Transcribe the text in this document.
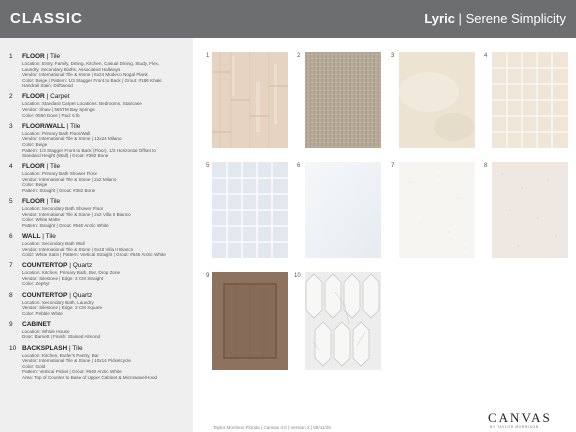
CLASSIC	Lyric | Serene Simplicity
1 FLOOR | Tile
Location: Entry, Family, Dining, Kitchen, Casual Dining, Study, Flex,
Laundry, Secondary Baths, Associated Hallways
Vendor: International Tile & Stone | 6x24 Modeco Nogal Plank
Color: Beige | Pattern: 1/3 Stagger Front to Back | Grout: #186 Khaki
Handrail Stain: Driftwood
2 FLOOR | Carpet
Location: Standard Carpet Locations: Bedrooms, Staircase
Vendor: Shaw | 565TM Bay Springs
Color: 0560 Dove | Pad: 6 lb
3 FLOOR/WALL | Tile
Location: Primary Bath Floor/Wall
Vendor: International Tile & Stone | 12x24 Milano
Color: Beige
Pattern: 1/3 Stagger Front to Back (Floor), 1/3 Horizontal Offset to
Standard Height (Wall) | Grout: #382 Bone
4 FLOOR | Tile
Location: Primary Bath Shower Floor
Vendor: International Tile & Stone | 2x2 Milano
Color: Beige
Pattern: Straight | Grout: #382 Bone
5 FLOOR | Tile
Location: Secondary Bath Shower Floor
Vendor: International Tile & Stone | 2x2 Villa II Bianco
Color: White Matte
Pattern: Straight | Grout: #640 Arctic White
6 WALL | Tile
Location: Secondary Bath Wall
Vendor: International Tile & Stone | 9x18 Villa II Bianco
Color: White Satin | Pattern: Vertical Straight | Grout: #640 Arctic White
7 COUNTERTOP | Quartz
Location: Kitchen, Primary Bath, Bar, Drop Zone
Vendor: Silestone | Edge: 3 CM Straight
Color: Zephyr
8 COUNTERTOP | Quartz
Location: Secondary Bath, Laundry
Vendor: Silestone | Edge: 3 CM Square
Color: Pebble White
9 CABINET
Location: Whole House
Door: Barnett | Finish: Stained Almond
10 BACKSPLASH | Tile
Location: Kitchen, Butler's Pantry, Bar
Vendor: International Tile & Stone | 10x14 Picketcycle
Color: Gold
Pattern: Vertical Picket | Grout: #640 Arctic White
Area: Top of Counter to Base of Upper Cabinet & Microwave/Hood
1	2	3	4
5	6	7	8
9	10
Taylor Morrison Florida | Canvas 4.0 | Version 2 | 08/11/25
CANVAS
BY TAYLOR MORRISON
